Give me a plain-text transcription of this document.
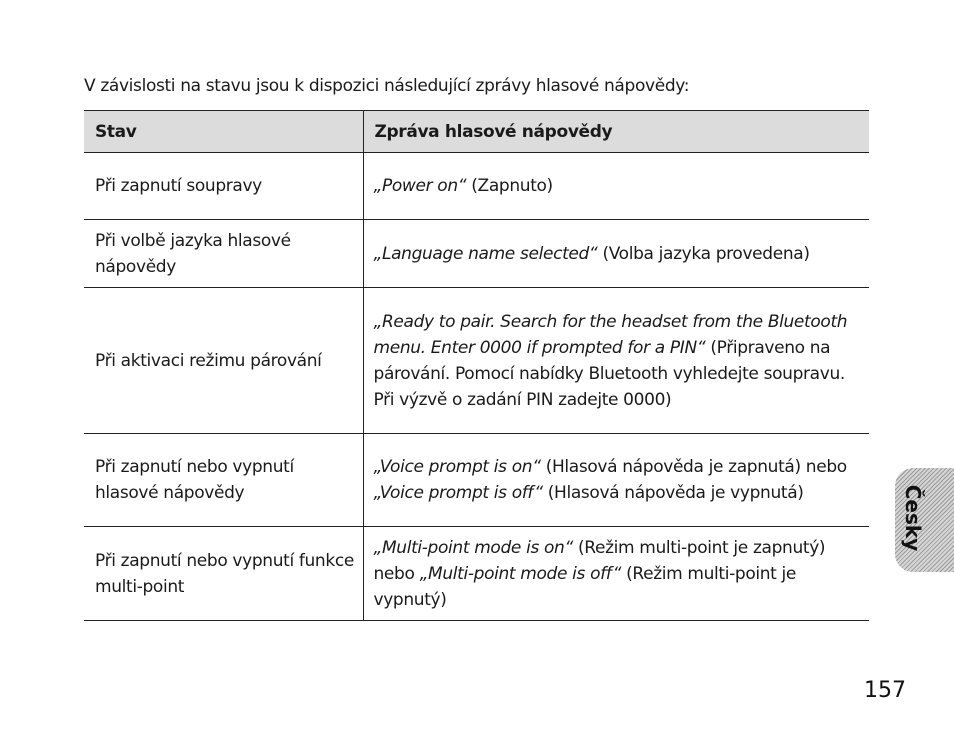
V závislosti na stavu jsou k dispozici následující zprávy hlasové nápovědy:

Stav	Zpráva hlasové nápovědy
Při zapnutí soupravy	„Power on“ (Zapnuto)
Při volbě jazyka hlasové nápovědy	„Language name selected“ (Volba jazyka provedena)
Při aktivaci režimu párování	„Ready to pair. Search for the headset from the Bluetooth menu. Enter 0000 if prompted for a PIN“ (Připraveno na párování. Pomocí nabídky Bluetooth vyhledejte soupravu. Při výzvě o zadání PIN zadejte 0000)
Při zapnutí nebo vypnutí hlasové nápovědy	„Voice prompt is on“ (Hlasová nápověda je zapnutá) nebo „Voice prompt is off“ (Hlasová nápověda je vypnutá)
Při zapnutí nebo vypnutí funkce multi-point	„Multi-point mode is on“ (Režim multi-point je zapnutý) nebo „Multi-point mode is off“ (Režim multi-point je vypnutý)
Česky
157
